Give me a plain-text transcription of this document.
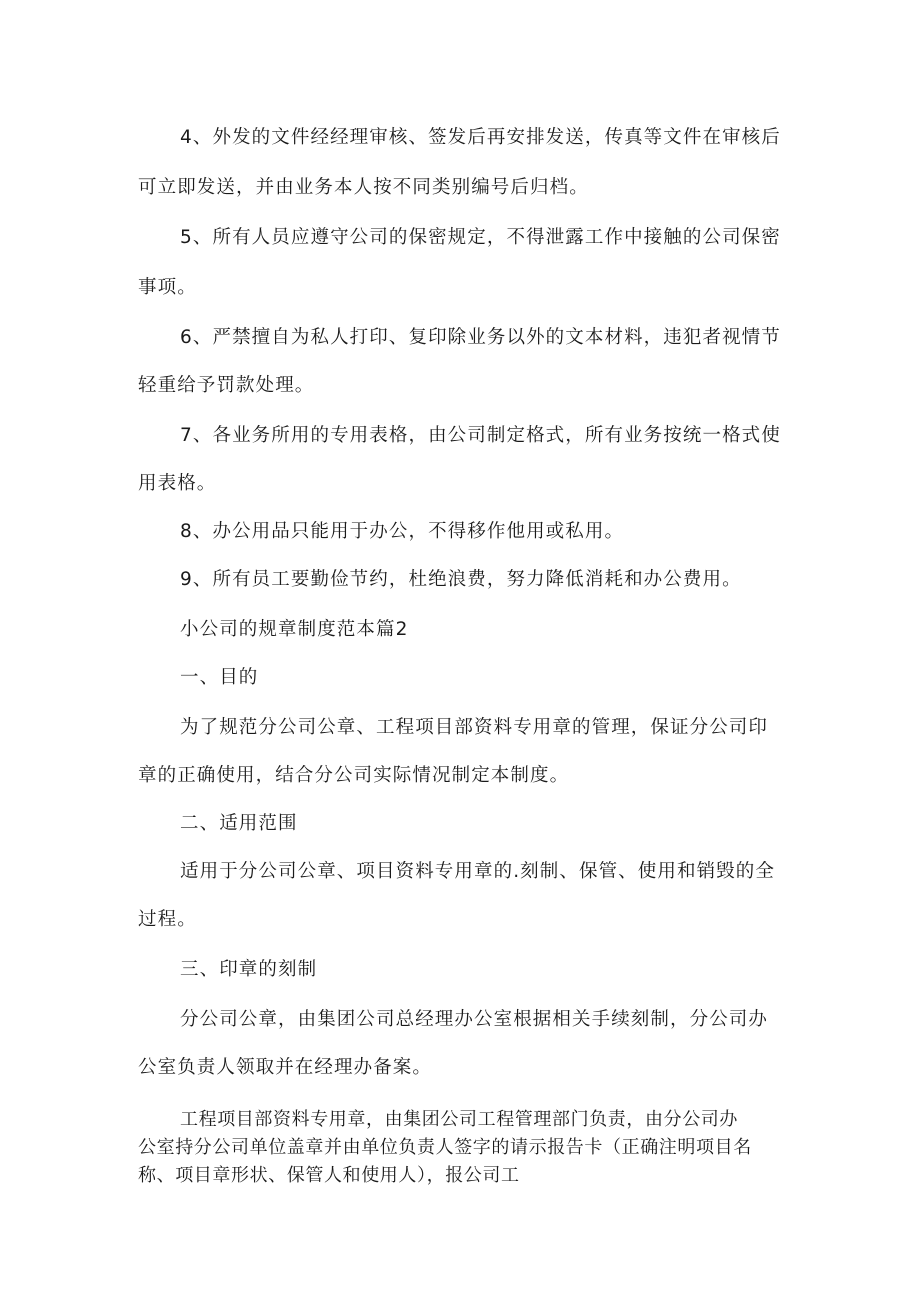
4、外发的文件经经理审核、签发后再安排发送，传真等文件在审核后
可立即发送，并由业务本人按不同类别编号后归档。
5、所有人员应遵守公司的保密规定，不得泄露工作中接触的公司保密
事项。
6、严禁擅自为私人打印、复印除业务以外的文本材料，违犯者视情节
轻重给予罚款处理。
7、各业务所用的专用表格，由公司制定格式，所有业务按统一格式使
用表格。
8、办公用品只能用于办公，不得移作他用或私用。
9、所有员工要勤俭节约，杜绝浪费，努力降低消耗和办公费用。
小公司的规章制度范本篇2
一、目的
为了规范分公司公章、工程项目部资料专用章的管理，保证分公司印
章的正确使用，结合分公司实际情况制定本制度。
二、适用范围
适用于分公司公章、项目资料专用章的.刻制、保管、使用和销毁的全
过程。
三、印章的刻制
分公司公章，由集团公司总经理办公室根据相关手续刻制，分公司办
公室负责人领取并在经理办备案。
工程项目部资料专用章，由集团公司工程管理部门负责，由分公司办
公室持分公司单位盖章并由单位负责人签字的请示报告卡（正确注明项目名
称、项目章形状、保管人和使用人），报公司工
